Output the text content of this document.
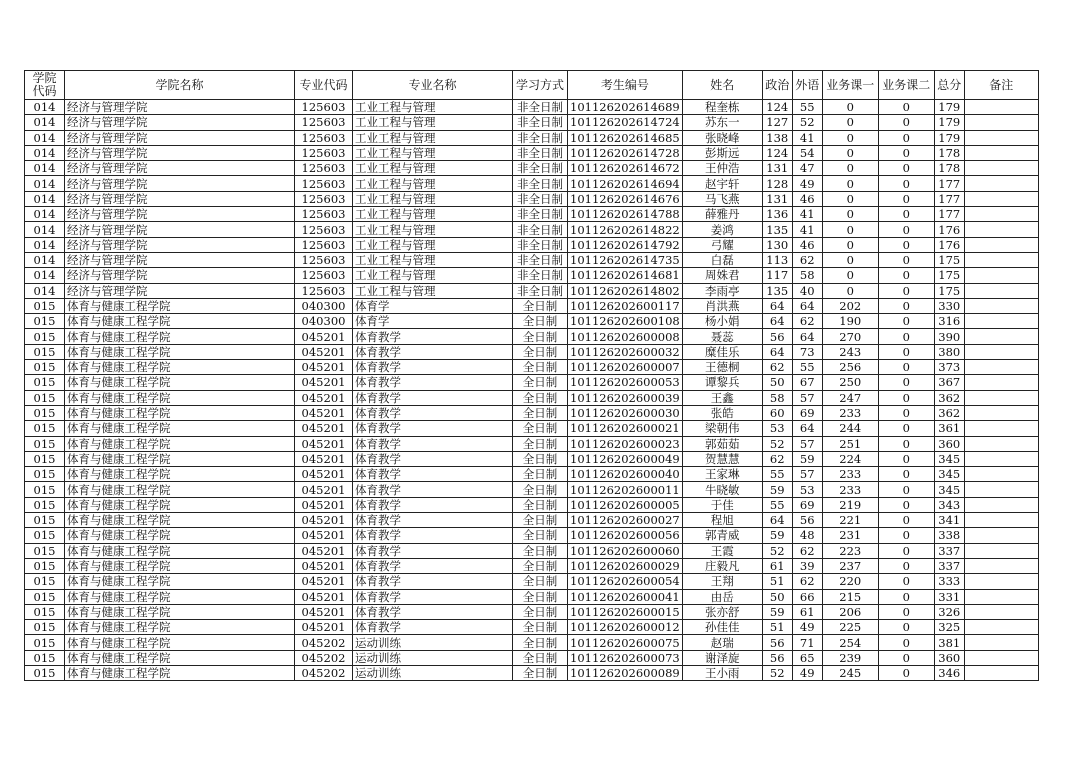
学院代码	学院名称	专业代码	专业名称	学习方式	考生编号	姓名	政治	外语	业务课一	业务课二	总分	备注
014	经济与管理学院	125603	工业工程与管理	非全日制	101126202614689	程奎栋	124	55	0	0	179	
014	经济与管理学院	125603	工业工程与管理	非全日制	101126202614724	苏东一	127	52	0	0	179	
014	经济与管理学院	125603	工业工程与管理	非全日制	101126202614685	张晓峰	138	41	0	0	179	
014	经济与管理学院	125603	工业工程与管理	非全日制	101126202614728	彭斯远	124	54	0	0	178	
014	经济与管理学院	125603	工业工程与管理	非全日制	101126202614672	王仲浩	131	47	0	0	178	
014	经济与管理学院	125603	工业工程与管理	非全日制	101126202614694	赵宇轩	128	49	0	0	177	
014	经济与管理学院	125603	工业工程与管理	非全日制	101126202614676	马飞燕	131	46	0	0	177	
014	经济与管理学院	125603	工业工程与管理	非全日制	101126202614788	薛雅丹	136	41	0	0	177	
014	经济与管理学院	125603	工业工程与管理	非全日制	101126202614822	姜鸿	135	41	0	0	176	
014	经济与管理学院	125603	工业工程与管理	非全日制	101126202614792	弓耀	130	46	0	0	176	
014	经济与管理学院	125603	工业工程与管理	非全日制	101126202614735	白磊	113	62	0	0	175	
014	经济与管理学院	125603	工业工程与管理	非全日制	101126202614681	周姝君	117	58	0	0	175	
014	经济与管理学院	125603	工业工程与管理	非全日制	101126202614802	李雨亭	135	40	0	0	175	
015	体育与健康工程学院	040300	体育学	全日制	101126202600117	肖洪燕	64	64	202	0	330	
015	体育与健康工程学院	040300	体育学	全日制	101126202600108	杨小娟	64	62	190	0	316	
015	体育与健康工程学院	045201	体育教学	全日制	101126202600008	聂蕊	56	64	270	0	390	
015	体育与健康工程学院	045201	体育教学	全日制	101126202600032	糜佳乐	64	73	243	0	380	
015	体育与健康工程学院	045201	体育教学	全日制	101126202600007	王德桐	62	55	256	0	373	
015	体育与健康工程学院	045201	体育教学	全日制	101126202600053	谭黎兵	50	67	250	0	367	
015	体育与健康工程学院	045201	体育教学	全日制	101126202600039	王鑫	58	57	247	0	362	
015	体育与健康工程学院	045201	体育教学	全日制	101126202600030	张皓	60	69	233	0	362	
015	体育与健康工程学院	045201	体育教学	全日制	101126202600021	梁朝伟	53	64	244	0	361	
015	体育与健康工程学院	045201	体育教学	全日制	101126202600023	郭茹茹	52	57	251	0	360	
015	体育与健康工程学院	045201	体育教学	全日制	101126202600049	贺慧慧	62	59	224	0	345	
015	体育与健康工程学院	045201	体育教学	全日制	101126202600040	王家琳	55	57	233	0	345	
015	体育与健康工程学院	045201	体育教学	全日制	101126202600011	牛晓敏	59	53	233	0	345	
015	体育与健康工程学院	045201	体育教学	全日制	101126202600005	于佳	55	69	219	0	343	
015	体育与健康工程学院	045201	体育教学	全日制	101126202600027	程旭	64	56	221	0	341	
015	体育与健康工程学院	045201	体育教学	全日制	101126202600056	郭青威	59	48	231	0	338	
015	体育与健康工程学院	045201	体育教学	全日制	101126202600060	王霞	52	62	223	0	337	
015	体育与健康工程学院	045201	体育教学	全日制	101126202600029	庄毅凡	61	39	237	0	337	
015	体育与健康工程学院	045201	体育教学	全日制	101126202600054	王翔	51	62	220	0	333	
015	体育与健康工程学院	045201	体育教学	全日制	101126202600041	由岳	50	66	215	0	331	
015	体育与健康工程学院	045201	体育教学	全日制	101126202600015	张亦舒	59	61	206	0	326	
015	体育与健康工程学院	045201	体育教学	全日制	101126202600012	孙佳佳	51	49	225	0	325	
015	体育与健康工程学院	045202	运动训练	全日制	101126202600075	赵瑞	56	71	254	0	381	
015	体育与健康工程学院	045202	运动训练	全日制	101126202600073	谢泽旋	56	65	239	0	360	
015	体育与健康工程学院	045202	运动训练	全日制	101126202600089	王小雨	52	49	245	0	346	
